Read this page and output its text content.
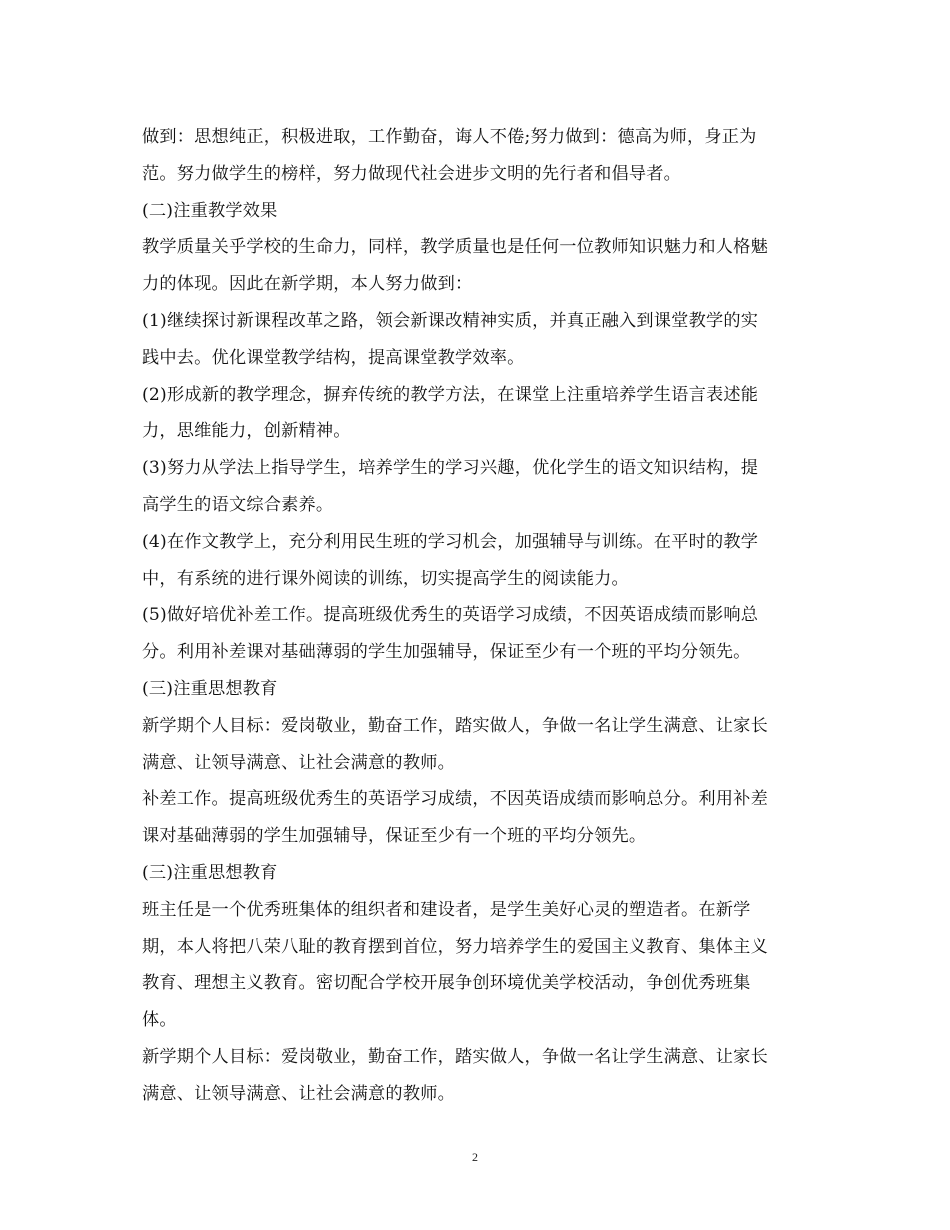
做到：思想纯正，积极进取，工作勤奋，诲人不倦;努力做到：德高为师，身正为
范。努力做学生的榜样，努力做现代社会进步文明的先行者和倡导者。
(二)注重教学效果
教学质量关乎学校的生命力，同样，教学质量也是任何一位教师知识魅力和人格魅
力的体现。因此在新学期，本人努力做到：
(1)继续探讨新课程改革之路，领会新课改精神实质，并真正融入到课堂教学的实
践中去。优化课堂教学结构，提高课堂教学效率。
(2)形成新的教学理念，摒弃传统的教学方法，在课堂上注重培养学生语言表述能
力，思维能力，创新精神。
(3)努力从学法上指导学生，培养学生的学习兴趣，优化学生的语文知识结构，提
高学生的语文综合素养。
(4)在作文教学上，充分利用民生班的学习机会，加强辅导与训练。在平时的教学
中，有系统的进行课外阅读的训练，切实提高学生的阅读能力。
(5)做好培优补差工作。提高班级优秀生的英语学习成绩，不因英语成绩而影响总
分。利用补差课对基础薄弱的学生加强辅导，保证至少有一个班的平均分领先。
(三)注重思想教育
新学期个人目标：爱岗敬业，勤奋工作，踏实做人，争做一名让学生满意、让家长
满意、让领导满意、让社会满意的教师。
补差工作。提高班级优秀生的英语学习成绩，不因英语成绩而影响总分。利用补差
课对基础薄弱的学生加强辅导，保证至少有一个班的平均分领先。
(三)注重思想教育
班主任是一个优秀班集体的组织者和建设者，是学生美好心灵的塑造者。在新学
期，本人将把八荣八耻的教育摆到首位，努力培养学生的爱国主义教育、集体主义
教育、理想主义教育。密切配合学校开展争创环境优美学校活动，争创优秀班集
体。
新学期个人目标：爱岗敬业，勤奋工作，踏实做人，争做一名让学生满意、让家长
满意、让领导满意、让社会满意的教师。
2
